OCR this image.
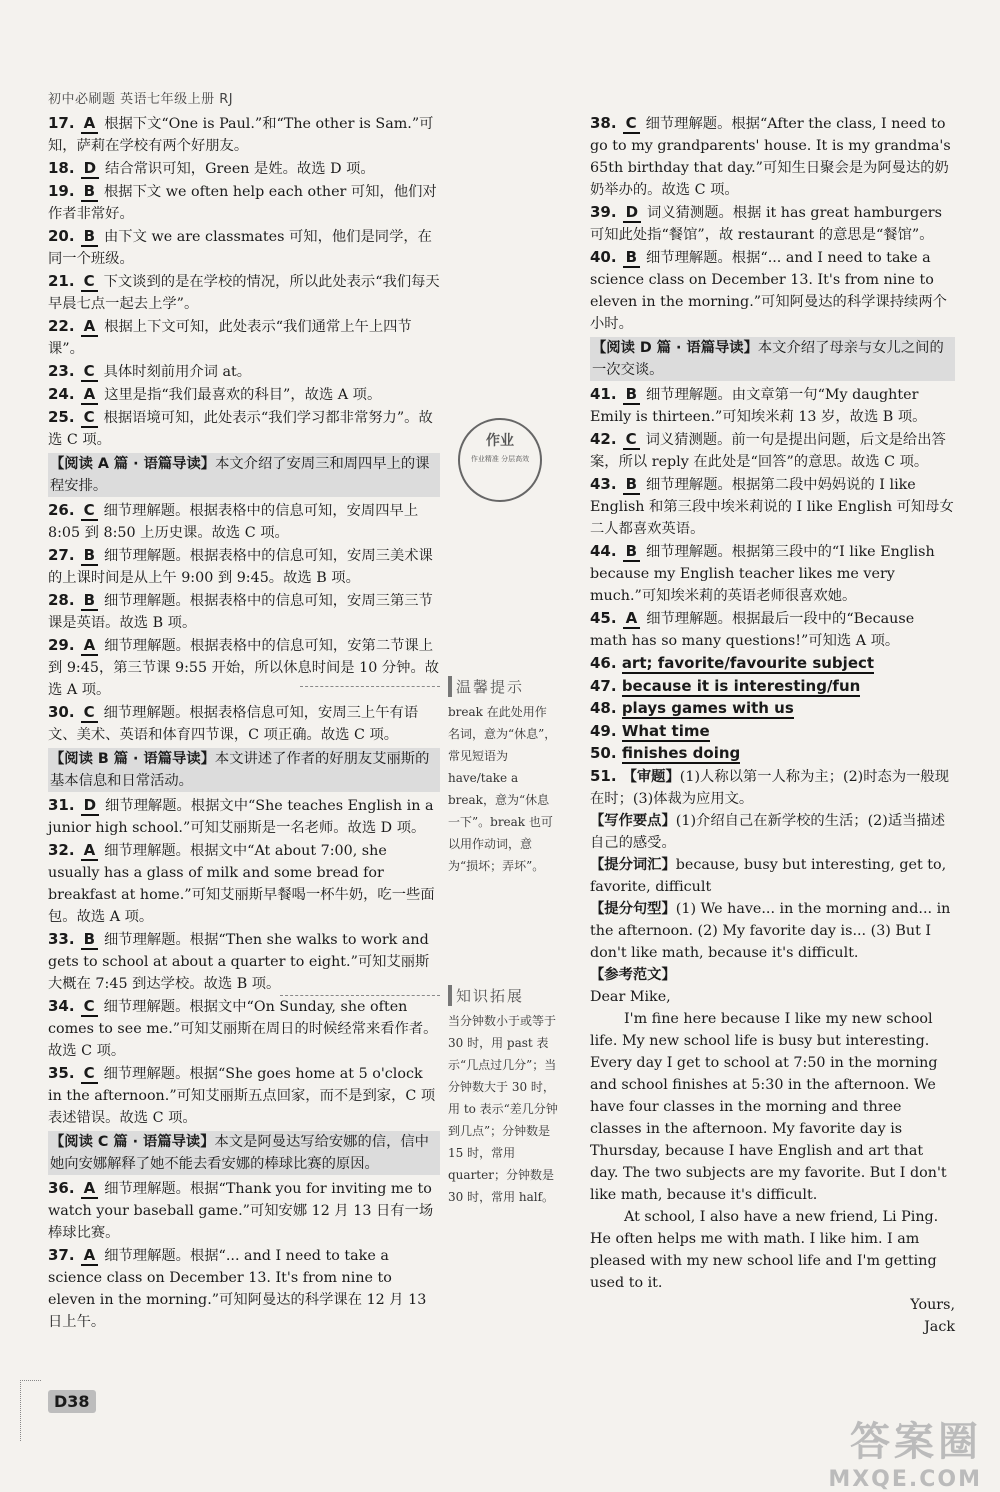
初中必刷题 英语七年级上册 RJ

17. A 根据下文“One is Paul.”和“The other is Sam.”可知，萨莉在学校有两个好朋友。

18. D 结合常识可知，Green 是姓。故选 D 项。

19. B 根据下文 we often help each other 可知，他们对作者非常好。

20. B 由下文 we are classmates 可知，他们是同学，在同一个班级。

21. C 下文谈到的是在学校的情况，所以此处表示“我们每天早晨七点一起去上学”。

22. A 根据上下文可知，此处表示“我们通常上午上四节课”。

23. C 具体时刻前用介词 at。

24. A 这里是指“我们最喜欢的科目”，故选 A 项。

25. C 根据语境可知，此处表示“我们学习都非常努力”。故选 C 项。

【阅读 A 篇 · 语篇导读】本文介绍了安周三和周四早上的课程安排。

26. C 细节理解题。根据表格中的信息可知，安周四早上 8:05 到 8:50 上历史课。故选 C 项。

27. B 细节理解题。根据表格中的信息可知，安周三美术课的上课时间是从上午 9:00 到 9:45。故选 B 项。

28. B 细节理解题。根据表格中的信息可知，安周三第三节课是英语。故选 B 项。

29. A 细节理解题。根据表格中的信息可知，安第二节课上到 9:45，第三节课 9:55 开始，所以休息时间是 10 分钟。故选 A 项。

30. C 细节理解题。根据表格信息可知，安周三上午有语文、美术、英语和体育四节课，C 项正确。故选 C 项。

【阅读 B 篇 · 语篇导读】本文讲述了作者的好朋友艾丽斯的基本信息和日常活动。

31. D 细节理解题。根据文中“She teaches English in a junior high school.”可知艾丽斯是一名老师。故选 D 项。

32. A 细节理解题。根据文中“At about 7:00, she usually has a glass of milk and some bread for breakfast at home.”可知艾丽斯早餐喝一杯牛奶，吃一些面包。故选 A 项。

33. B 细节理解题。根据“Then she walks to work and gets to school at about a quarter to eight.”可知艾丽斯大概在 7:45 到达学校。故选 B 项。

34. C 细节理解题。根据文中“On Sunday, she often comes to see me.”可知艾丽斯在周日的时候经常来看作者。故选 C 项。

35. C 细节理解题。根据“She goes home at 5 o'clock in the afternoon.”可知艾丽斯五点回家，而不是到家，C 项表述错误。故选 C 项。

【阅读 C 篇 · 语篇导读】本文是阿曼达写给安娜的信，信中她向安娜解释了她不能去看安娜的棒球比赛的原因。

36. A 细节理解题。根据“Thank you for inviting me to watch your baseball game.”可知安娜 12 月 13 日有一场棒球比赛。

37. A 细节理解题。根据“... and I need to take a science class on December 13. It's from nine to eleven in the morning.”可知阿曼达的科学课在 12 月 13 日上午。

作业
作业精准 分层高效
温馨提示

break 在此处用作名词，意为“休息”，常见短语为 have/take a break，意为“休息一下”。break 也可以用作动词，意为“损坏；弄坏”。

知识拓展

当分钟数小于或等于 30 时，用 past 表示“几点过几分”；当分钟数大于 30 时，用 to 表示“差几分钟到几点”；分钟数是 15 时，常用 quarter；分钟数是 30 时，常用 half。

38. C 细节理解题。根据“After the class, I need to go to my grandparents' house. It is my grandma's 65th birthday that day.”可知生日聚会是为阿曼达的奶奶举办的。故选 C 项。

39. D 词义猜测题。根据 it has great hamburgers 可知此处指“餐馆”，故 restaurant 的意思是“餐馆”。

40. B 细节理解题。根据“... and I need to take a science class on December 13. It's from nine to eleven in the morning.”可知阿曼达的科学课持续两个小时。

【阅读 D 篇 · 语篇导读】本文介绍了母亲与女儿之间的一次交谈。

41. B 细节理解题。由文章第一句“My daughter Emily is thirteen.”可知埃米莉 13 岁，故选 B 项。

42. C 词义猜测题。前一句是提出问题，后文是给出答案，所以 reply 在此处是“回答”的意思。故选 C 项。

43. B 细节理解题。根据第二段中妈妈说的 I like English 和第三段中埃米莉说的 I like English 可知母女二人都喜欢英语。

44. B 细节理解题。根据第三段中的“I like English because my English teacher likes me very much.”可知埃米莉的英语老师很喜欢她。

45. A 细节理解题。根据最后一段中的“Because math has so many questions!”可知选 A 项。

46. art; favorite/favourite subject
47. because it is interesting/fun
48. plays games with us
49. What time
50. finishes doing

51. 【审题】(1)人称以第一人称为主；(2)时态为一般现在时；(3)体裁为应用文。

【写作要点】(1)介绍自己在新学校的生活；(2)适当描述自己的感受。

【提分词汇】because, busy but interesting, get to, favorite, difficult

【提分句型】(1) We have... in the morning and... in the afternoon. (2) My favorite day is... (3) But I don't like math, because it's difficult.

【参考范文】

Dear Mike,

I'm fine here because I like my new school life. My new school life is busy but interesting. Every day I get to school at 7:50 in the morning and school finishes at 5:30 in the afternoon. We have four classes in the morning and three classes in the afternoon. My favorite day is Thursday, because I have English and art that day. The two subjects are my favorite. But I don't like math, because it's difficult.

At school, I also have a new friend, Li Ping. He often helps me with math. I like him. I am pleased with my new school life and I'm getting used to it.

Yours,

Jack

D38
答案圈
MXQE.COM
